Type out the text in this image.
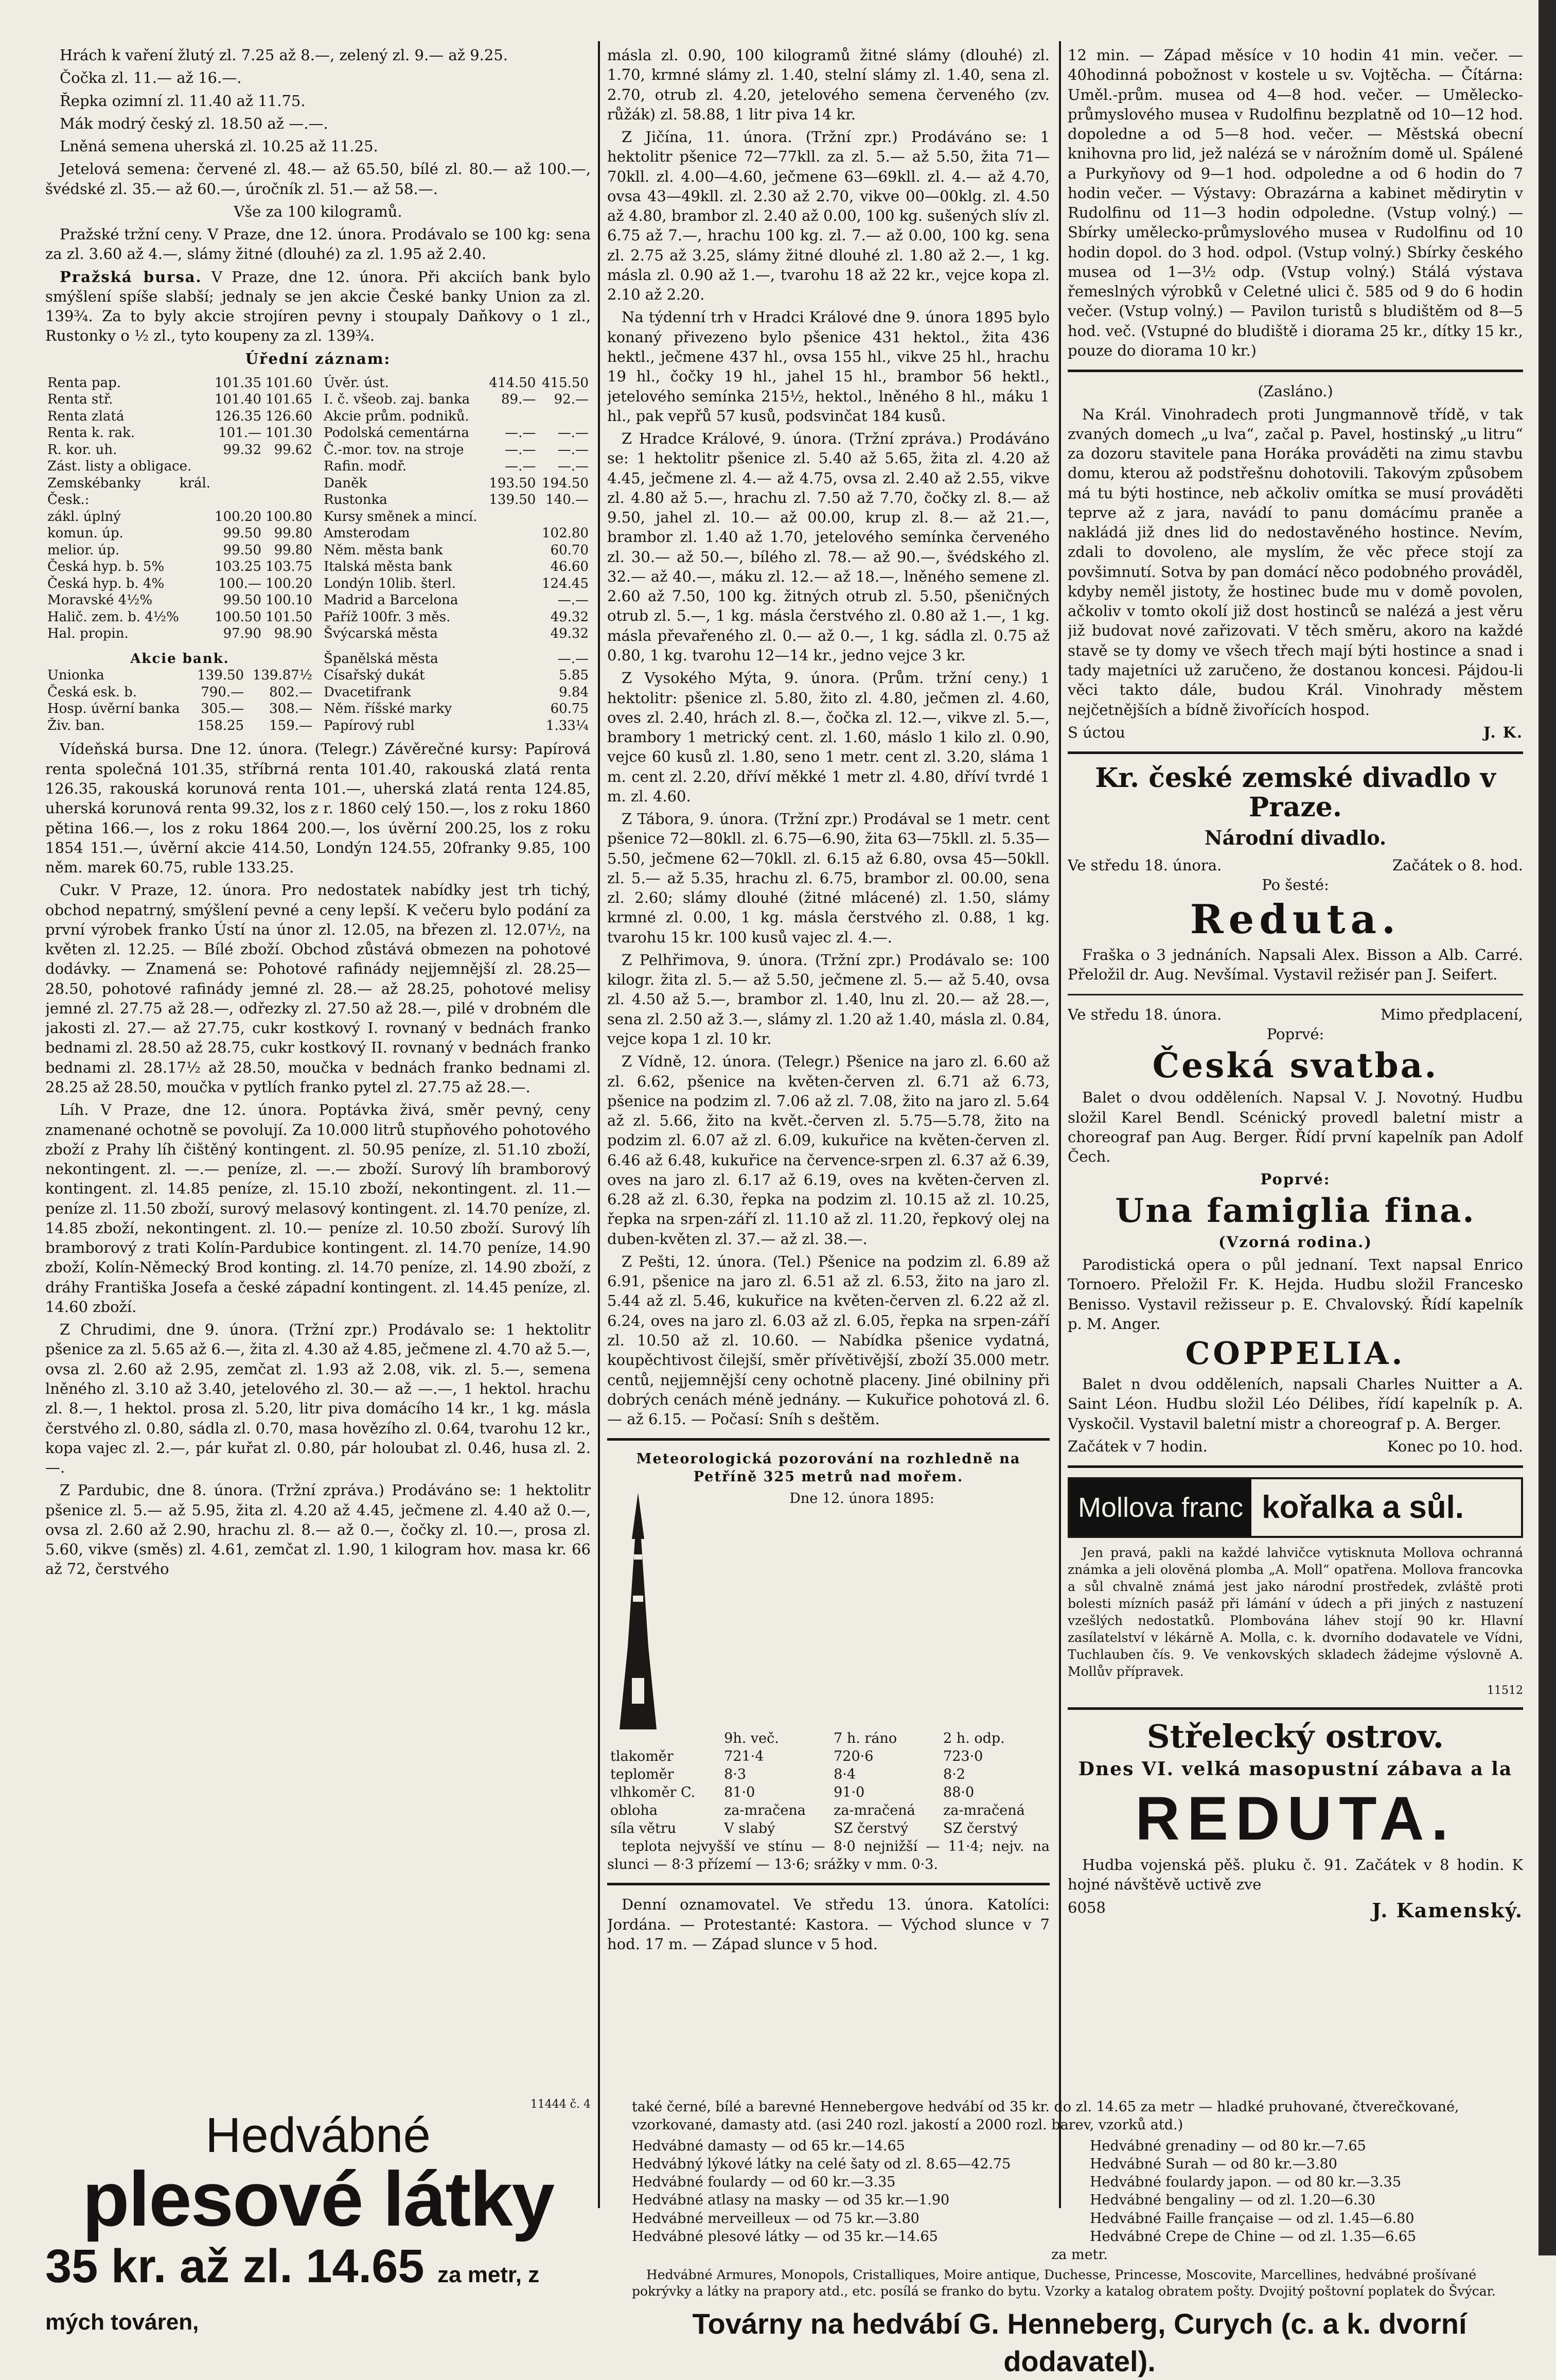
Hrách k vaření žlutý zl. 7.25 až 8.—, zelený zl. 9.— až 9.25.

Čočka zl. 11.— až 16.—.

Řepka ozimní zl. 11.40 až 11.75.

Mák modrý český zl. 18.50 až —.—.

Lněná semena uherská zl. 10.25 až 11.25.

Jetelová semena: červené zl. 48.— až 65.50, bílé zl. 80.— až 100.—, švédské zl. 35.— až 60.—, úročník zl. 51.— až 58.—.

Vše za 100 kilogramů.

Pražské tržní ceny. V Praze, dne 12. února. Prodávalo se 100 kg: sena za zl. 3.60 až 4.—, slámy žitné (dlouhé) za zl. 1.95 až 2.40.

Pražská bursa. V Praze, dne 12. února. Při akciích bank bylo smýšlení spíše slabší; jednaly se jen akcie České banky Union za zl. 139¾. Za to byly akcie strojíren pevny i stoupaly Daňkovy o 1 zl., Rustonky o ½ zl., tyto koupeny za zl. 139¾.

Úřední záznam:

Renta pap.	101.35	101.60
Renta stř.	101.40	101.65
Renta zlatá	126.35	126.60
Renta k. rak.	101.—	101.30
R. kor. uh.	99.32	99.62
Zást. listy a obligace.		
Zemskébanky král. Česk.:		
zákl. úplný	100.20	100.80
komun. úp.	99.50	99.80
melior. úp.	99.50	99.80
Česká hyp. b. 5%	103.25	103.75
Česká hyp. b. 4%	100.—	100.20
Moravské 4½%	99.50	100.10
Halič. zem. b. 4½%	100.50	101.50
Hal. propin.	97.90	98.90
Úvěr. úst.	414.50	415.50
I. č. všeob. zaj. banka	89.—	92.—
Akcie prům. podniků.		
Podolská cementárna	—.—	—.—
Č.-mor. tov. na stroje	—.—	—.—
Rafin. modř.	—.—	—.—
Daněk	193.50	194.50
Rustonka	139.50	140.—
Kursy směnek a mincí.		
Amsterodam		102.80
Něm. města bank		60.70
Italská města bank		46.60
Londýn 10lib. šterl.		124.45
Madrid a Barcelona		—.—
Paříž 100fr. 3 měs.		49.32
Švýcarská města		49.32
Akcie bank.		
Unionka	139.50	139.87½
Česká esk. b.	790.—	802.—
Hosp. úvěrní banka	305.—	308.—
Živ. ban.	158.25	159.—
Španělská města		—.—
Císařský dukát		5.85
Dvacetifrank		9.84
Něm. říšské marky		60.75
Papírový rubl		1.33¼

Vídeňská bursa. Dne 12. února. (Telegr.) Závěrečné kursy: Papírová renta společná 101.35, stříbrná renta 101.40, rakouská zlatá renta 126.35, rakouská korunová renta 101.—, uherská zlatá renta 124.85, uherská korunová renta 99.32, los z r. 1860 celý 150.—, los z roku 1860 pětina 166.—, los z roku 1864 200.—, los úvěrní 200.25, los z roku 1854 151.—, úvěrní akcie 414.50, Londýn 124.55, 20franky 9.85, 100 něm. marek 60.75, ruble 133.25.

Cukr. V Praze, 12. února. Pro nedostatek nabídky jest trh tichý, obchod nepatrný, smýšlení pevné a ceny lepší. K večeru bylo podání za první výrobek franko Ústí na únor zl. 12.05, na březen zl. 12.07½, na květen zl. 12.25. — Bílé zboží. Obchod zůstává obmezen na pohotové dodávky. — Znamená se: Pohotové rafinády nejjemnější zl. 28.25—28.50, pohotové rafinády jemné zl. 28.— až 28.25, pohotové melisy jemné zl. 27.75 až 28.—, odřezky zl. 27.50 až 28.—, pilé v drobném dle jakosti zl. 27.— až 27.75, cukr kostkový I. rovnaný v bednách franko bednami zl. 28.50 až 28.75, cukr kostkový II. rovnaný v bednách franko bednami zl. 28.17½ až 28.50, moučka v bednách franko bednami zl. 28.25 až 28.50, moučka v pytlích franko pytel zl. 27.75 až 28.—.

Líh. V Praze, dne 12. února. Poptávka živá, směr pevný, ceny znamenané ochotně se povolují. Za 10.000 litrů stupňového pohotového zboží z Prahy líh čištěný kontingent. zl. 50.95 peníze, zl. 51.10 zboží, nekontingent. zl. —.— peníze, zl. —.— zboží. Surový líh bramborový kontingent. zl. 14.85 peníze, zl. 15.10 zboží, nekontingent. zl. 11.— peníze zl. 11.50 zboží, surový melasový kontingent. zl. 14.70 peníze, zl. 14.85 zboží, nekontingent. zl. 10.— peníze zl. 10.50 zboží. Surový líh bramborový z trati Kolín-Pardubice kontingent. zl. 14.70 peníze, 14.90 zboží, Kolín-Německý Brod konting. zl. 14.70 peníze, zl. 14.90 zboží, z dráhy Františka Josefa a české západní kontingent. zl. 14.45 peníze, zl. 14.60 zboží.

Z Chrudimi, dne 9. února. (Tržní zpr.) Prodávalo se: 1 hektolitr pšenice za zl. 5.65 až 6.—, žita zl. 4.30 až 4.85, ječmene zl. 4.70 až 5.—, ovsa zl. 2.60 až 2.95, zemčat zl. 1.93 až 2.08, vik. zl. 5.—, semena lněného zl. 3.10 až 3.40, jetelového zl. 30.— až —.—, 1 hektol. hrachu zl. 8.—, 1 hektol. prosa zl. 5.20, litr piva domácího 14 kr., 1 kg. másla čerstvého zl. 0.80, sádla zl. 0.70, masa hovězího zl. 0.64, tvarohu 12 kr., kopa vajec zl. 2.—, pár kuřat zl. 0.80, pár holoubat zl. 0.46, husa zl. 2.—.

Z Pardubic, dne 8. února. (Tržní zpráva.) Prodáváno se: 1 hektolitr pšenice zl. 5.— až 5.95, žita zl. 4.20 až 4.45, ječmene zl. 4.40 až 0.—, ovsa zl. 2.60 až 2.90, hrachu zl. 8.— až 0.—, čočky zl. 10.—, prosa zl. 5.60, vikve (směs) zl. 4.61, zemčat zl. 1.90, 1 kilogram hov. masa kr. 66 až 72, čerstvého

másla zl. 0.90, 100 kilogramů žitné slámy (dlouhé) zl. 1.70, krmné slámy zl. 1.40, stelní slámy zl. 1.40, sena zl. 2.70, otrub zl. 4.20, jetelového semena červeného (zv. růžák) zl. 58.88, 1 litr piva 14 kr.

Z Jičína, 11. února. (Tržní zpr.) Prodáváno se: 1 hektolitr pšenice 72—77kll. za zl. 5.— až 5.50, žita 71—70kll. zl. 4.00—4.60, ječmene 63—69kll. zl. 4.— až 4.70, ovsa 43—49kll. zl. 2.30 až 2.70, vikve 00—00klg. zl. 4.50 až 4.80, brambor zl. 2.40 až 0.00, 100 kg. sušených slív zl. 6.75 až 7.—, hrachu 100 kg. zl. 7.— až 0.00, 100 kg. sena zl. 2.75 až 3.25, slámy žitné dlouhé zl. 1.80 až 2.—, 1 kg. másla zl. 0.90 až 1.—, tvarohu 18 až 22 kr., vejce kopa zl. 2.10 až 2.20.

Na týdenní trh v Hradci Králové dne 9. února 1895 bylo konaný přivezeno bylo pšenice 431 hektol., žita 436 hektl., ječmene 437 hl., ovsa 155 hl., vikve 25 hl., hrachu 19 hl., čočky 19 hl., jahel 15 hl., brambor 56 hektl., jetelového semínka 215½, hektol., lněného 8 hl., máku 1 hl., pak vepřů 57 kusů, podsvinčat 184 kusů.

Z Hradce Králové, 9. února. (Tržní zpráva.) Prodáváno se: 1 hektolitr pšenice zl. 5.40 až 5.65, žita zl. 4.20 až 4.45, ječmene zl. 4.— až 4.75, ovsa zl. 2.40 až 2.55, vikve zl. 4.80 až 5.—, hrachu zl. 7.50 až 7.70, čočky zl. 8.— až 9.50, jahel zl. 10.— až 00.00, krup zl. 8.— až 21.—, brambor zl. 1.40 až 1.70, jetelového semínka červeného zl. 30.— až 50.—, bílého zl. 78.— až 90.—, švédského zl. 32.— až 40.—, máku zl. 12.— až 18.—, lněného semene zl. 2.60 až 7.50, 100 kg. žitných otrub zl. 5.50, pšeničných otrub zl. 5.—, 1 kg. másla čerstvého zl. 0.80 až 1.—, 1 kg. másla převařeného zl. 0.— až 0.—, 1 kg. sádla zl. 0.75 až 0.80, 1 kg. tvarohu 12—14 kr., jedno vejce 3 kr.

Z Vysokého Mýta, 9. února. (Prům. tržní ceny.) 1 hektolitr: pšenice zl. 5.80, žito zl. 4.80, ječmen zl. 4.60, oves zl. 2.40, hrách zl. 8.—, čočka zl. 12.—, vikve zl. 5.—, brambory 1 metrický cent. zl. 1.60, máslo 1 kilo zl. 0.90, vejce 60 kusů zl. 1.80, seno 1 metr. cent zl. 3.20, sláma 1 m. cent zl. 2.20, dříví měkké 1 metr zl. 4.80, dříví tvrdé 1 m. zl. 4.60.

Z Tábora, 9. února. (Tržní zpr.) Prodával se 1 metr. cent pšenice 72—80kll. zl. 6.75—6.90, žita 63—75kll. zl. 5.35—5.50, ječmene 62—70kll. zl. 6.15 až 6.80, ovsa 45—50kll. zl. 5.— až 5.35, hrachu zl. 6.75, brambor zl. 00.00, sena zl. 2.60; slámy dlouhé (žitné mlácené) zl. 1.50, slámy krmné zl. 0.00, 1 kg. másla čerstvého zl. 0.88, 1 kg. tvarohu 15 kr. 100 kusů vajec zl. 4.—.

Z Pelhřimova, 9. února. (Tržní zpr.) Prodávalo se: 100 kilogr. žita zl. 5.— až 5.50, ječmene zl. 5.— až 5.40, ovsa zl. 4.50 až 5.—, brambor zl. 1.40, lnu zl. 20.— až 28.—, sena zl. 2.50 až 3.—, slámy zl. 1.20 až 1.40, másla zl. 0.84, vejce kopa 1 zl. 10 kr.

Z Vídně, 12. února. (Telegr.) Pšenice na jaro zl. 6.60 až zl. 6.62, pšenice na květen-červen zl. 6.71 až 6.73, pšenice na podzim zl. 7.06 až zl. 7.08, žito na jaro zl. 5.64 až zl. 5.66, žito na květ.-červen zl. 5.75—5.78, žito na podzim zl. 6.07 až zl. 6.09, kukuřice na květen-červen zl. 6.46 až 6.48, kukuřice na července-srpen zl. 6.37 až 6.39, oves na jaro zl. 6.17 až 6.19, oves na květen-červen zl. 6.28 až zl. 6.30, řepka na podzim zl. 10.15 až zl. 10.25, řepka na srpen-září zl. 11.10 až zl. 11.20, řepkový olej na duben-květen zl. 37.— až zl. 38.—.

Z Pešti, 12. února. (Tel.) Pšenice na podzim zl. 6.89 až 6.91, pšenice na jaro zl. 6.51 až zl. 6.53, žito na jaro zl. 5.44 až zl. 5.46, kukuřice na květen-červen zl. 6.22 až zl. 6.24, oves na jaro zl. 6.03 až zl. 6.05, řepka na srpen-září zl. 10.50 až zl. 10.60. — Nabídka pšenice vydatná, koupěchtivost čilejší, směr přívětivější, zboží 35.000 metr. centů, nejjemnější ceny ochotně placeny. Jiné obilniny při dobrých cenách méně jednány. — Kukuřice pohotová zl. 6.— až 6.15. — Počasí: Sníh s deštěm.

Meteorologická pozorování na rozhledně na Petříně 325 metrů nad mořem.

Dne 12. února 1895:

	9h. več.	7 h. ráno	2 h. odp.
tlakoměr	721·4	720·6	723·0
teploměr	8·3	8·4	8·2
vlhkoměr C.	81·0	91·0	88·0
obloha	za-mračena	za-mračená	za-mračená
síla větru	V slabý	SZ čerstvý	SZ čerstvý

teplota nejvyšší ve stínu — 8·0 nejnižší — 11·4; nejv. na slunci — 8·3 přízemí — 13·6; srážky v mm. 0·3.

Denní oznamovatel. Ve středu 13. února. Katolíci: Jordána. — Protestanté: Kastora. — Východ slunce v 7 hod. 17 m. — Západ slunce v 5 hod.

12 min. — Západ měsíce v 10 hodin 41 min. večer. — 40hodinná pobožnost v kostele u sv. Vojtěcha. — Čítárna: Uměl.-prům. musea od 4—8 hod. večer. — Umělecko-průmyslového musea v Rudolfinu bezplatně od 10—12 hod. dopoledne a od 5—8 hod. večer. — Městská obecní knihovna pro lid, jež nalézá se v nárožním domě ul. Spálené a Purkyňovy od 9—1 hod. odpoledne a od 6 hodin do 7 hodin večer. — Výstavy: Obrazárna a kabinet mědirytin v Rudolfinu od 11—3 hodin odpoledne. (Vstup volný.) — Sbírky umělecko-průmyslového musea v Rudolfinu od 10 hodin dopol. do 3 hod. odpol. (Vstup volný.) Sbírky českého musea od 1—3½ odp. (Vstup volný.) Stálá výstava řemeslných výrobků v Celetné ulici č. 585 od 9 do 6 hodin večer. (Vstup volný.) — Pavilon turistů s bludištěm od 8—5 hod. več. (Vstupné do bludiště i diorama 25 kr., dítky 15 kr., pouze do diorama 10 kr.)

(Zasláno.)

Na Král. Vinohradech proti Jungmannově třídě, v tak zvaných domech „u lva“, začal p. Pavel, hostinský „u litru“ za dozoru stavitele pana Horáka prováděti na zimu stavbu domu, kterou až podstřešnu dohotovili. Takovým způsobem má tu býti hostince, neb ačkoliv omítka se musí prováděti teprve až z jara, navádí to panu domácímu praněe a nakládá již dnes lid do nedostavěného hostince. Nevím, zdali to dovoleno, ale myslím, že věc přece stojí za povšimnutí. Sotva by pan domácí něco podobného prováděl, kdyby neměl jistoty, že hostinec bude mu v domě povolen, ačkoliv v tomto okolí již dost hostinců se nalézá a jest věru již budovat nové zařizovati. V těch směru, akoro na každé stavě se ty domy ve všech třech mají býti hostince a snad i tady majetníci už zaručeno, že dostanou koncesi. Pájdou-li věci takto dále, budou Král. Vinohrady městem nejčetnějších a bídně živořících hospod.

S úctou	J. K.
Kr. české zemské divadlo v Praze.
Národní divadlo.
Ve středu 18. února.	Začátek o 8. hod.

Po šesté:

Reduta.

Fraška o 3 jednáních. Napsali Alex. Bisson a Alb. Carré. Přeložil dr. Aug. Nevšímal. Vystavil režisér pan J. Seifert.

Ve středu 18. února.	Mimo předplacení,

Poprvé:

Česká svatba.

Balet o dvou odděleních. Napsal V. J. Novotný. Hudbu složil Karel Bendl. Scénický provedl baletní mistr a choreograf pan Aug. Berger. Řídí první kapelník pan Adolf Čech.

Poprvé:

Una famiglia fina.

(Vzorná rodina.)

Parodistická opera o půl jednaní. Text napsal Enrico Tornoero. Přeložil Fr. K. Hejda. Hudbu složil Francesko Benisso. Vystavil režisseur p. E. Chvalovský. Řídí kapelník p. M. Anger.

COPPELIA.

Balet n dvou odděleních, napsali Charles Nuitter a A. Saint Léon. Hudbu složil Léo Délibes, řídí kapelník p. A. Vyskočil. Vystavil baletní mistr a choreograf p. A. Berger.

Začátek v 7 hodin.	Konec po 10. hod.
Mollova franc kořalka a sůl.

Jen pravá, pakli na každé lahvičce vytisknuta Mollova ochranná známka a jeli olověná plomba „A. Moll“ opatřena. Mollova francovka a sůl chvalně známá jest jako národní prostředek, zvláště proti bolesti mízních pasáž při lámání v údech a při jiných z nastuzení vzešlých nedostatků. Plombována láhev stojí 90 kr. Hlavní zasílatelství v lékárně A. Molla, c. k. dvorního dodavatele ve Vídni, Tuchlauben čís. 9. Ve venkovských skladech žádejme výslovně A. Mollův přípravek.

11512

Střelecký ostrov.

Dnes VI. velká masopustní zábava a la

REDUTA.

Hudba vojenská pěš. pluku č. 91. Začátek v 8 hodin. K hojné návštěvě uctivě zve

6058	J. Kamenský.
11444 č. 4
Hedvábné
plesové látky
35 kr. až zl. 14.65 za metr, z mých továren,

také černé, bílé a barevné Hennebergove hedvábí od 35 kr. do zl. 14.65 za metr — hladké pruhované, čtverečkované, vzorkované, damasty atd. (asi 240 rozl. jakostí a 2000 rozl. barev, vzorků atd.)

Hedvábné damasty — od 65 kr.—14.65	Hedvábné grenadiny — od 80 kr.—7.65
Hedvábný lýkové látky na celé šaty od zl. 8.65—42.75	Hedvábné Surah — od 80 kr.—3.80
Hedvábné foulardy — od 60 kr.—3.35	Hedvábné foulardy japon. — od 80 kr.—3.35
Hedvábné atlasy na masky — od 35 kr.—1.90	Hedvábné bengaliny — od zl. 1.20—6.30
Hedvábné merveilleux — od 75 kr.—3.80	Hedvábné Faille française — od zl. 1.45—6.80
Hedvábné plesové látky — od 35 kr.—14.65	Hedvábné Crepe de Chine — od zl. 1.35—6.65

za metr.

Hedvábné Armures, Monopols, Cristalliques, Moire antique, Duchesse, Princesse, Moscovite, Marcellines, hedvábné prošívané pokrývky a látky na prapory atd., etc. posílá se franko do bytu. Vzorky a katalog obratem pošty. Dvojitý poštovní poplatek do Švýcar.

Továrny na hedvábí G. Henneberg, Curych (c. a k. dvorní dodavatel).
